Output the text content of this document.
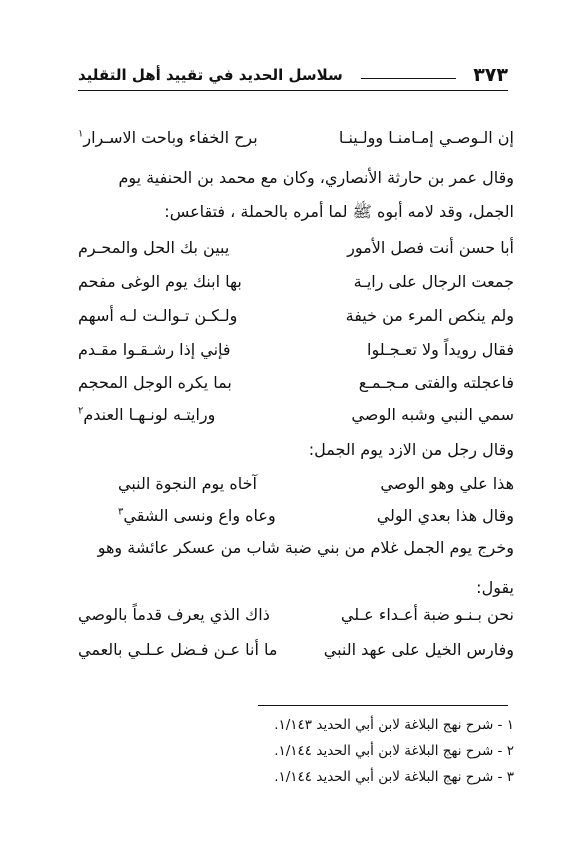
٣٧٣
سلاسل الحديد في تقييد أهل التقليد
إن الـوصـي إمـامنـا وولـينـا
برح الخفاء وباحت الاسـرار$^١$
وقال عمر بن حارثة الأنصاري، وكان مع محمد بن الحنفية يوم
الجمل، وقد لامه أبوه ﷺ لما أمره بالحملة ، فتقاعس:
أبا حسن أنت فصل الأمور
يبين بك الحل والمحـرم
جمعت الرجال على رايـة
بها ابنك يوم الوغى مفحم
ولم ينكص المرء من خيفة
ولـكـن تـوالـت لـه أسهم
فقال رويداً ولا تعـجـلوا
فإني إذا رشـقـوا مقـدم
فاعجلته والفتى مـجـمـع
بما يكره الوجل المحجم
سمي النبي وشبه الوصي
ورايتـه لونـهـا العندم$^٢$
وقال رجل من الازد يوم الجمل:
هذا علي وهو الوصي
آخاه يوم النجوة النبي
وقال هذا بعدي الولي
وعاه واع ونسى الشقي$^٣$
وخرج يوم الجمل غلام من بني ضبة شاب من عسكر عائشة وهو
يقول:
نحن بـنـو ضبة أعـداء عـلي
ذاك الذي يعرف قدماً بالوصي
وفارس الخيل على عهد النبي
ما أنا عـن فـضل عـلـي بالعمي
١ - شرح نهج البلاغة لابن أبي الحديد ١/١٤٣.
٢ - شرح نهج البلاغة لابن أبي الحديد ١/١٤٤.
٣ - شرح نهج البلاغة لابن أبي الحديد ١/١٤٤.
